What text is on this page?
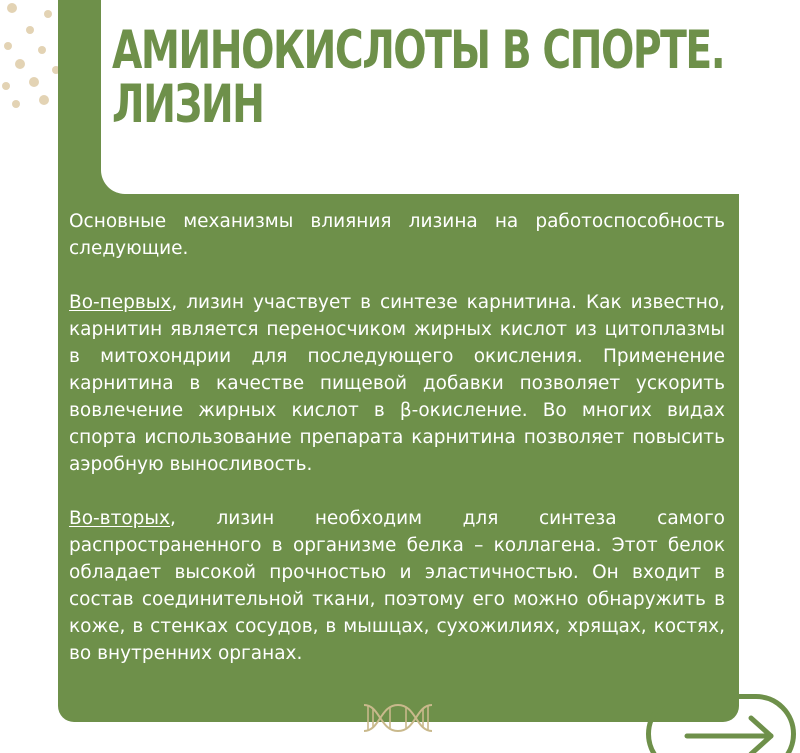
АМИНОКИСЛОТЫ В СПОРТЕ.
ЛИЗИН

Основные механизмы влияния лизина на работоспособность следующие.

Во-первых, лизин участвует в синтезе карнитина. Как известно, карнитин является переносчиком жирных кислот из цитоплазмы в митохондрии для последующего окисления. Применение карнитина в качестве пищевой добавки позволяет ускорить вовлечение жирных кислот в β-окисление. Во многих видах спорта использование препарата карнитина позволяет повысить аэробную выносливость.

Во-вторых, лизин необходим для синтеза самого распространенного в организме белка – коллагена. Этот белок обладает высокой прочностью и эластичностью. Он входит в состав соединительной ткани, поэтому его можно обнаружить в коже, в стенках сосудов, в мышцах, сухожилиях, хрящах, костях, во внутренних органах.
